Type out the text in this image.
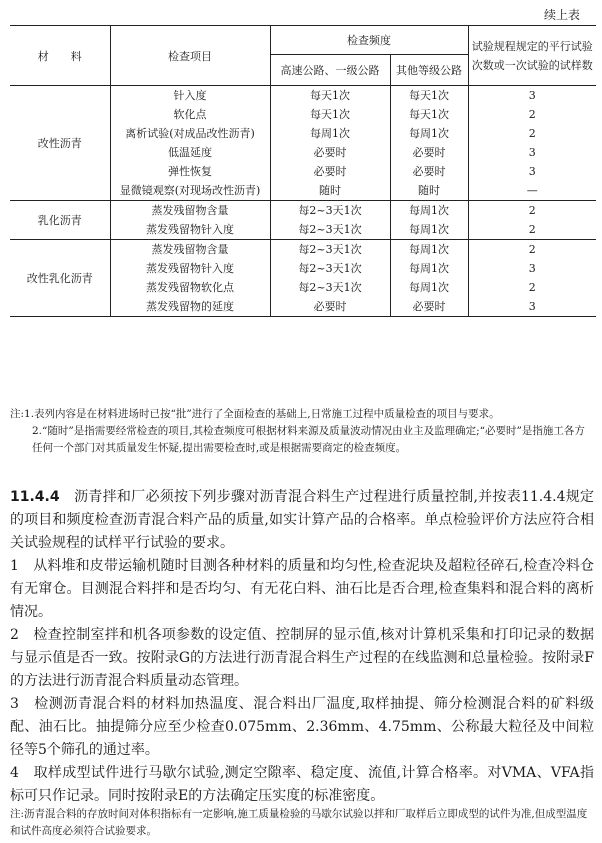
续上表
材　　料	检查项目	检查频度		试验规程规定的平行试验
次数或一次试验的试样数

		高速公路、一级公路	其他等级公路	
改性沥青	针入度	每天1次	每天1次	3
	软化点	每天1次	每天1次	2
	离析试验(对成品改性沥青)	每周1次	每周1次	2
	低温延度	必要时	必要时	3
	弹性恢复	必要时	必要时	3
	显微镜观察(对现场改性沥青)	随时	随时	—
乳化沥青	蒸发残留物含量	每2~3天1次	每周1次	2
	蒸发残留物针入度	每2~3天1次	每周1次	2
改性乳化沥青	蒸发残留物含量	每2~3天1次	每周1次	2
	蒸发残留物针入度	每2~3天1次	每周1次	3
	蒸发残留物软化点	每2~3天1次	每周1次	2
	蒸发残留物的延度	必要时	必要时	3

注:1.表列内容是在材料进场时已按“批”进行了全面检查的基础上,日常施工过程中质量检查的项目与要求。

2.“随时”是指需要经常检查的项目,其检查频度可根据材料来源及质量波动情况由业主及监理确定;“必要时”是指施工各方任何一个部门对其质量发生怀疑,提出需要检查时,或是根据需要商定的检查频度。

11.4.4　 沥青拌和厂必须按下列步骤对沥青混合料生产过程进行质量控制,并按表11.4.4规定的项目和频度检查沥青混合料产品的质量,如实计算产品的合格率。单点检验评价方法应符合相关试验规程的试样平行试验的要求。

1　从料堆和皮带运输机随时目测各种材料的质量和均匀性,检查泥块及超粒径碎石,检查冷料仓有无窜仓。目测混合料拌和是否均匀、有无花白料、油石比是否合理,检查集料和混合料的离析情况。

2　检查控制室拌和机各项参数的设定值、控制屏的显示值,核对计算机采集和打印记录的数据与显示值是否一致。按附录G的方法进行沥青混合料生产过程的在线监测和总量检验。按附录F的方法进行沥青混合料质量动态管理。

3　检测沥青混合料的材料加热温度、混合料出厂温度,取样抽提、筛分检测混合料的矿料级配、油石比。抽提筛分应至少检查0.075mm、2.36mm、4.75mm、公称最大粒径及中间粒径等5个筛孔的通过率。

4　取样成型试件进行马歇尔试验,测定空隙率、稳定度、流值,计算合格率。对VMA、VFA指标可只作记录。同时按附录E的方法确定压实度的标准密度。

注:沥青混合料的存放时间对体积指标有一定影响,施工质量检验的马歇尔试验以拌和厂取样后立即成型的试件为准,但成型温度和试件高度必须符合试验要求。
